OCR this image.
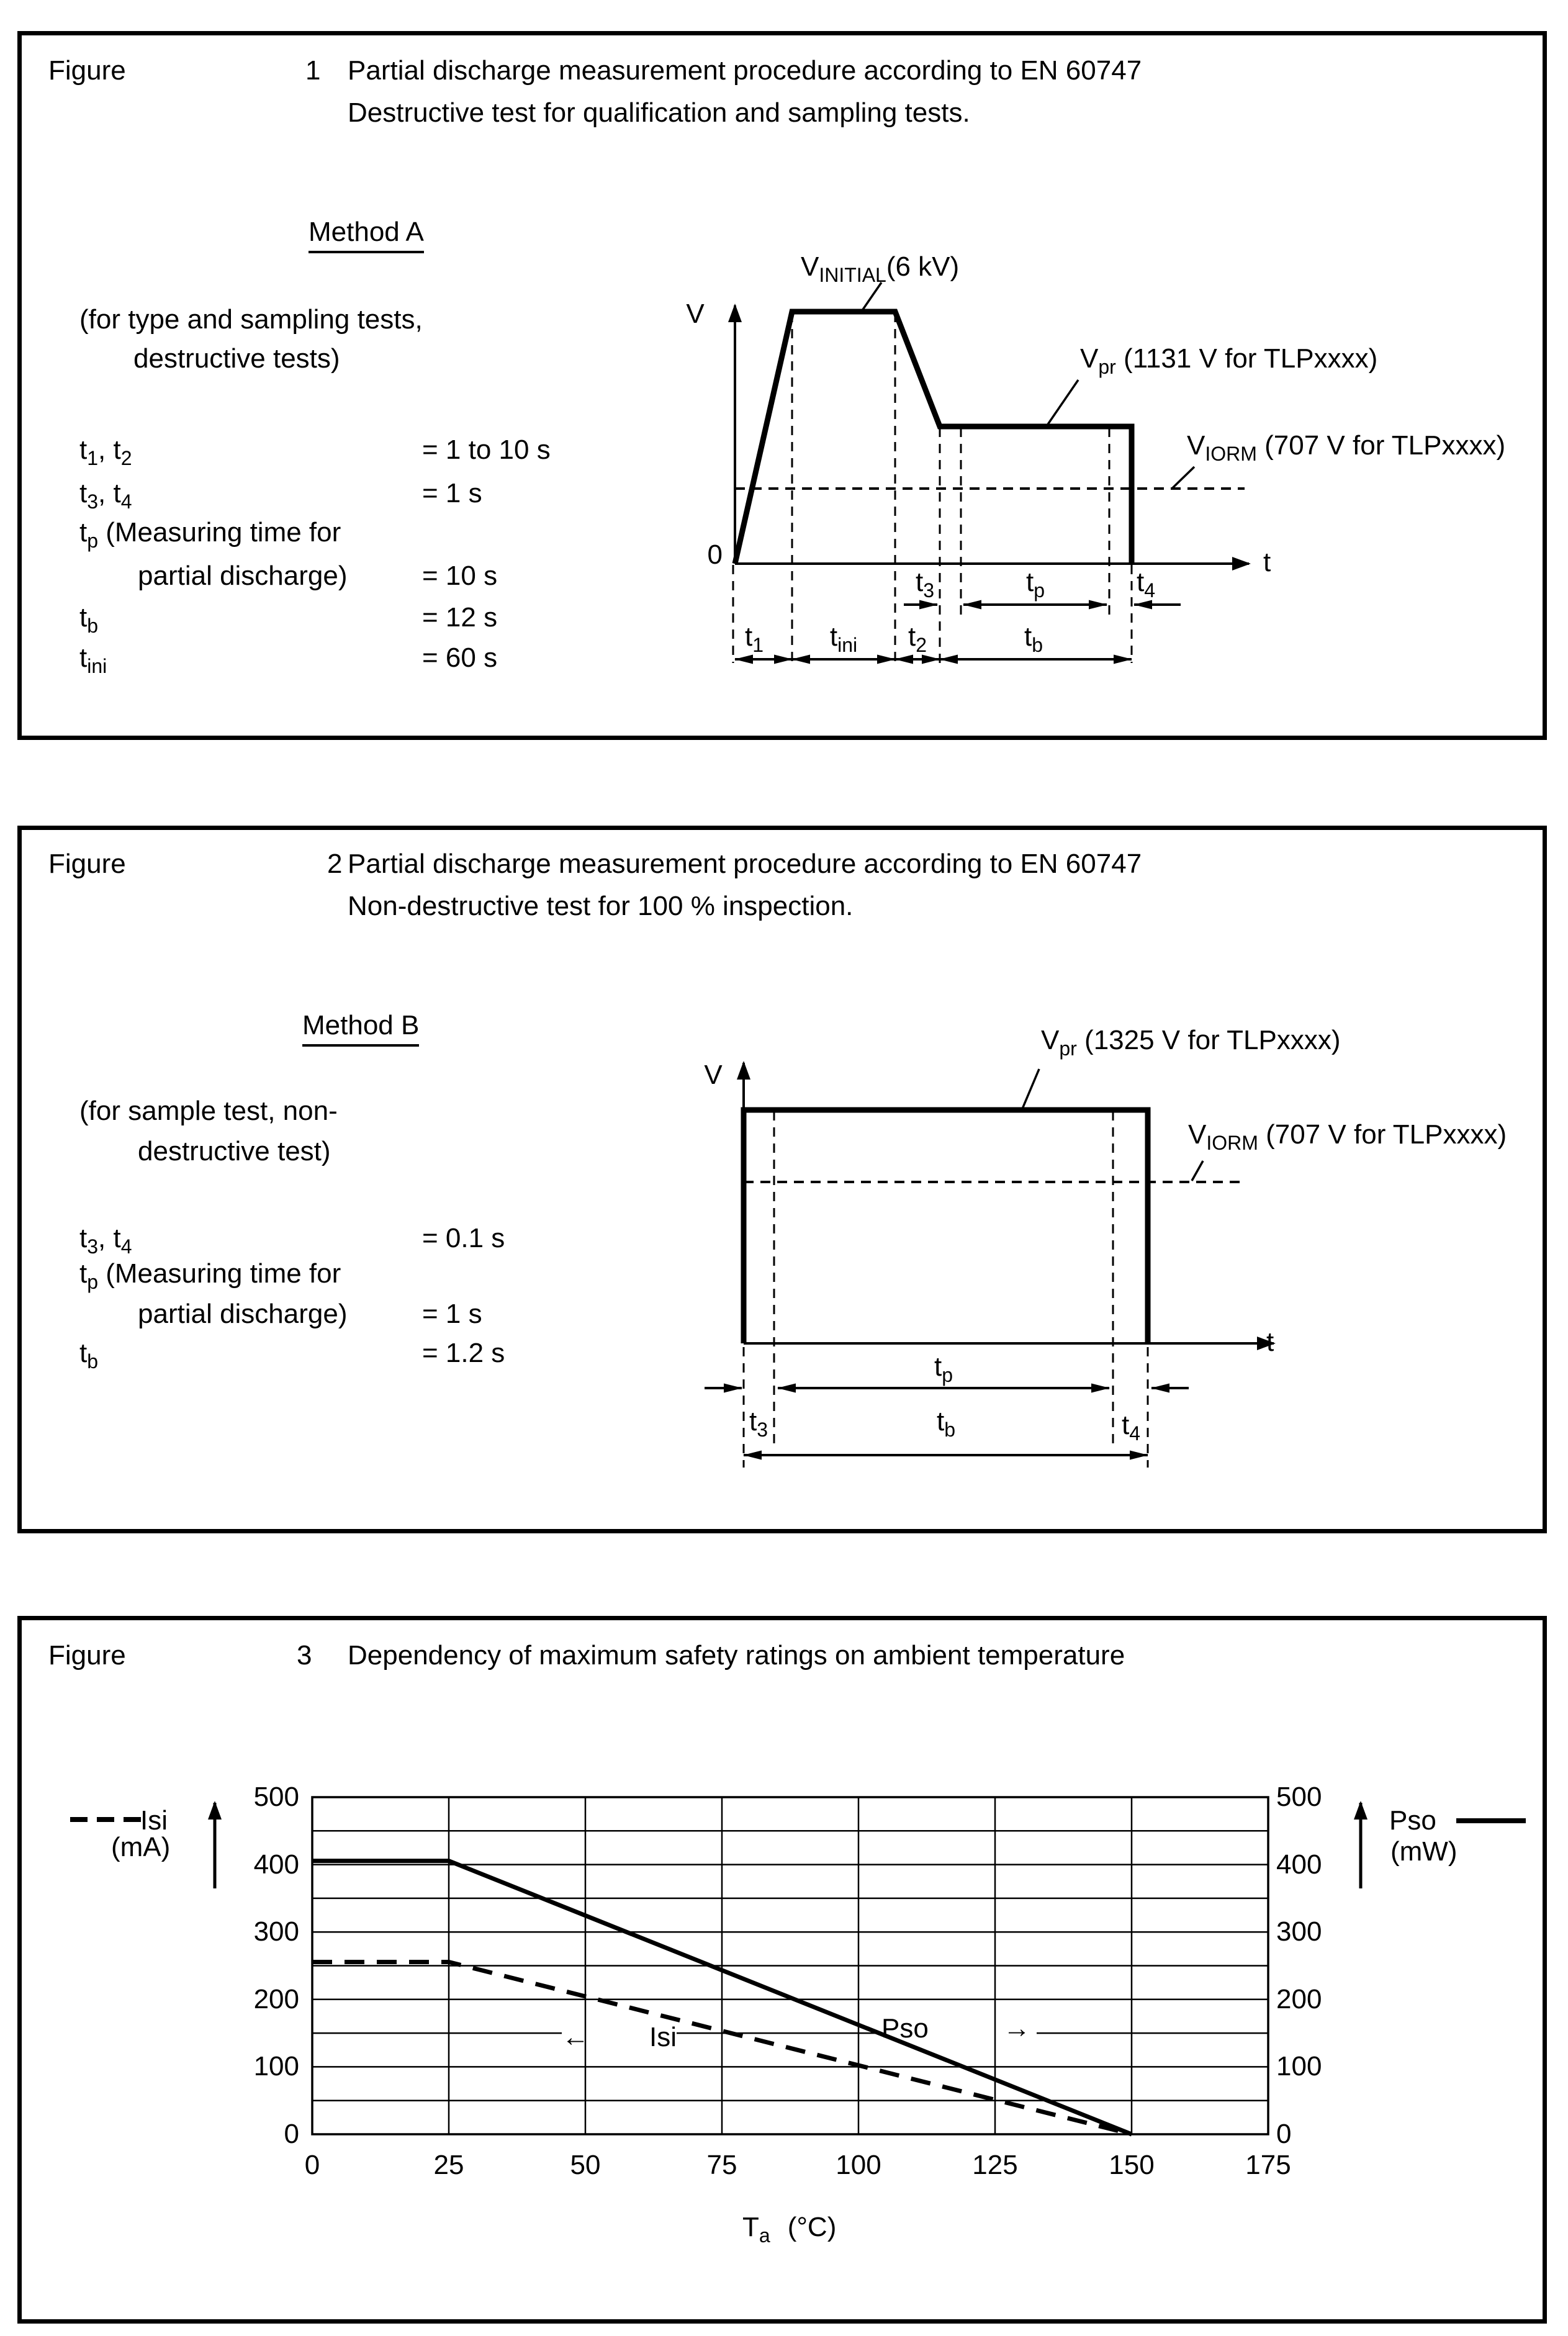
Figure	1 Partial discharge measurement procedure according to EN 60747
Destructive test for qualification and sampling tests.
Method A
(for type and sampling tests,
destructive tests)
$t_1$, $t_2$	= 1 to 10 s
$t_3$, $t_4$	= 1 s
$t_p$ (Measuring time for
partial discharge)	= 10 s
$t_b$	= 12 s
$t_{ini}$	= 60 s
V
t
0
$V_{INITIAL}(6$ kV)
$V_{pr}$ (1131 V for TLPxxxx)
$V_{IORM}$ (707 V for TLPxxxx)
$t_3$	$t_p$	$t_4$
$t_1$	$t_{ini}$	$t_2$	$t_b$
Figure	2 Partial discharge measurement procedure according to EN 60747
Non-destructive test for 100 % inspection.
Method B
(for sample test, non-
destructive test)
$t_3$, $t_4$	= 0.1 s
$t_p$ (Measuring time for
partial discharge)	= 1 s
$t_b$	= 1.2 s
V
t
$V_{pr}$ (1325 V for TLPxxxx)
$V_{IORM}$ (707 V for TLPxxxx)
$t_p$
$t_3$	$t_b$	$t_4$
Figure	3 Dependency of maximum safety ratings on ambient temperature
Isi
(mA)
Pso
(mW)
500
400
300
200
100
0
500
400
300
200
100
0
0	25	50	75	100	125	150	175
$T_a$ (°C)
← Isi	Pso	→
